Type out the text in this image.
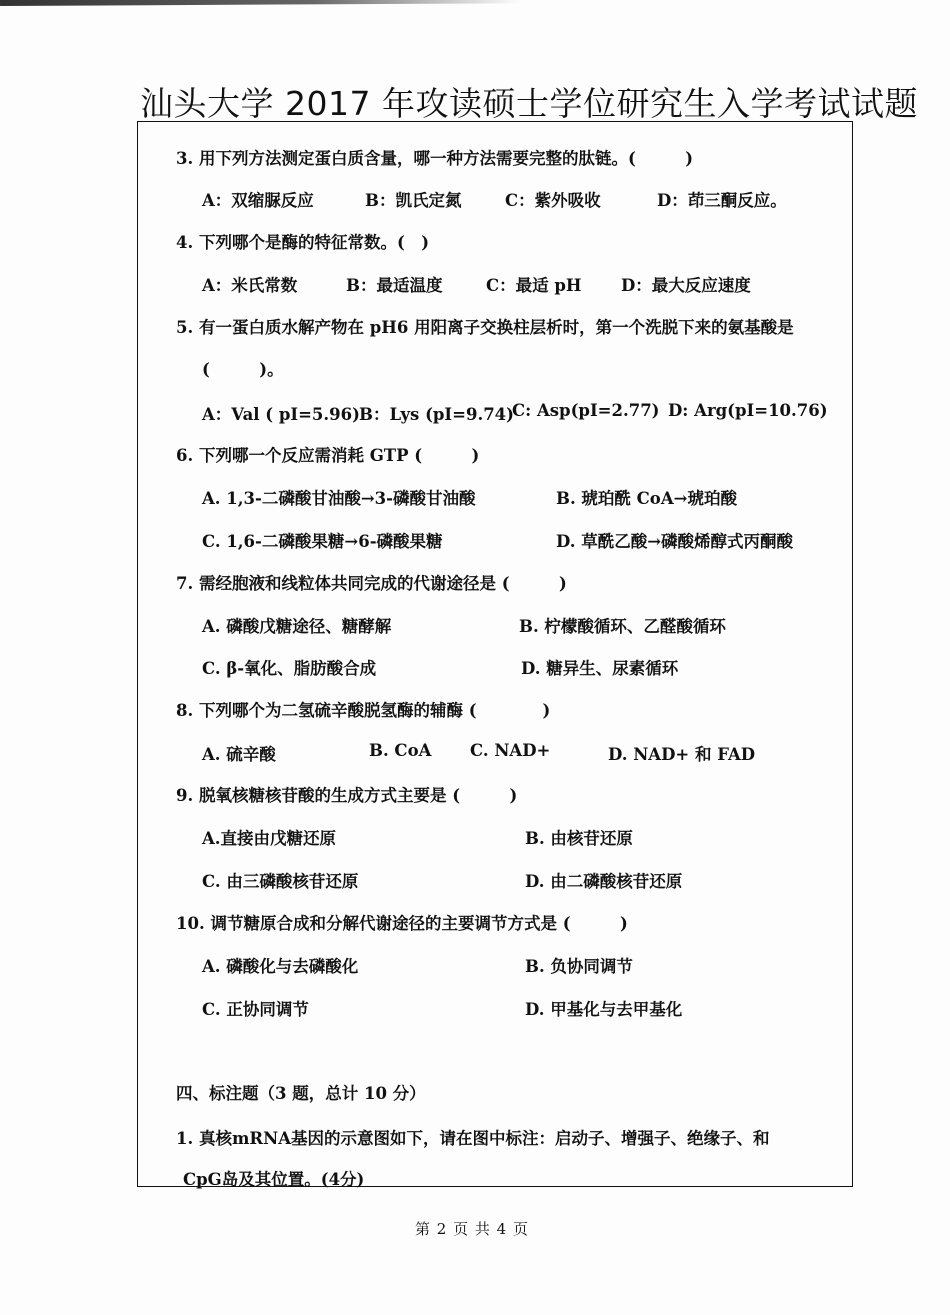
汕头大学 2017 年攻读硕士学位研究生入学考试试题
3. 用下列方法测定蛋白质含量，哪一种方法需要完整的肽链。(　　　)
A：双缩脲反应	B：凯氏定氮	C：紫外吸收	D：茚三酮反应。
4. 下列哪个是酶的特征常数。(　)
A：米氏常数	B：最适温度	C：最适 pH D：最大反应速度
5. 有一蛋白质水解产物在 pH6 用阳离子交换柱层析时，第一个洗脱下来的氨基酸是
(　　　)。
A：Val ( pI=5.96) B：Lys (pI=9.74)
C: Asp(pI=2.77) D: Arg(pI=10.76)
6. 下列哪一个反应需消耗 GTP (　　　)
A. 1,3-二磷酸甘油酸→3-磷酸甘油酸	B. 琥珀酰 CoA→琥珀酸
C. 1,6-二磷酸果糖→6-磷酸果糖	D. 草酰乙酸→磷酸烯醇式丙酮酸
7. 需经胞液和线粒体共同完成的代谢途径是 (　　　)
A. 磷酸戊糖途径、糖酵解	B. 柠檬酸循环、乙醛酸循环
C. β-氧化、脂肪酸合成	D. 糖异生、尿素循环
8. 下列哪个为二氢硫辛酸脱氢酶的辅酶 (　　　　)
A. 硫辛酸	B. CoA C. NAD+	D. NAD+ 和 FAD
9. 脱氧核糖核苷酸的生成方式主要是 (　　　)
A.直接由戊糖还原	B. 由核苷还原
C. 由三磷酸核苷还原	D. 由二磷酸核苷还原
10. 调节糖原合成和分解代谢途径的主要调节方式是 (　　　)
A. 磷酸化与去磷酸化	B. 负协同调节
C. 正协同调节	D. 甲基化与去甲基化
四、标注题（3 题，总计 10 分）
1. 真核mRNA基因的示意图如下，请在图中标注：启动子、增强子、绝缘子、和
CpG岛及其位置。(4分)
第 2 页 共 4 页
